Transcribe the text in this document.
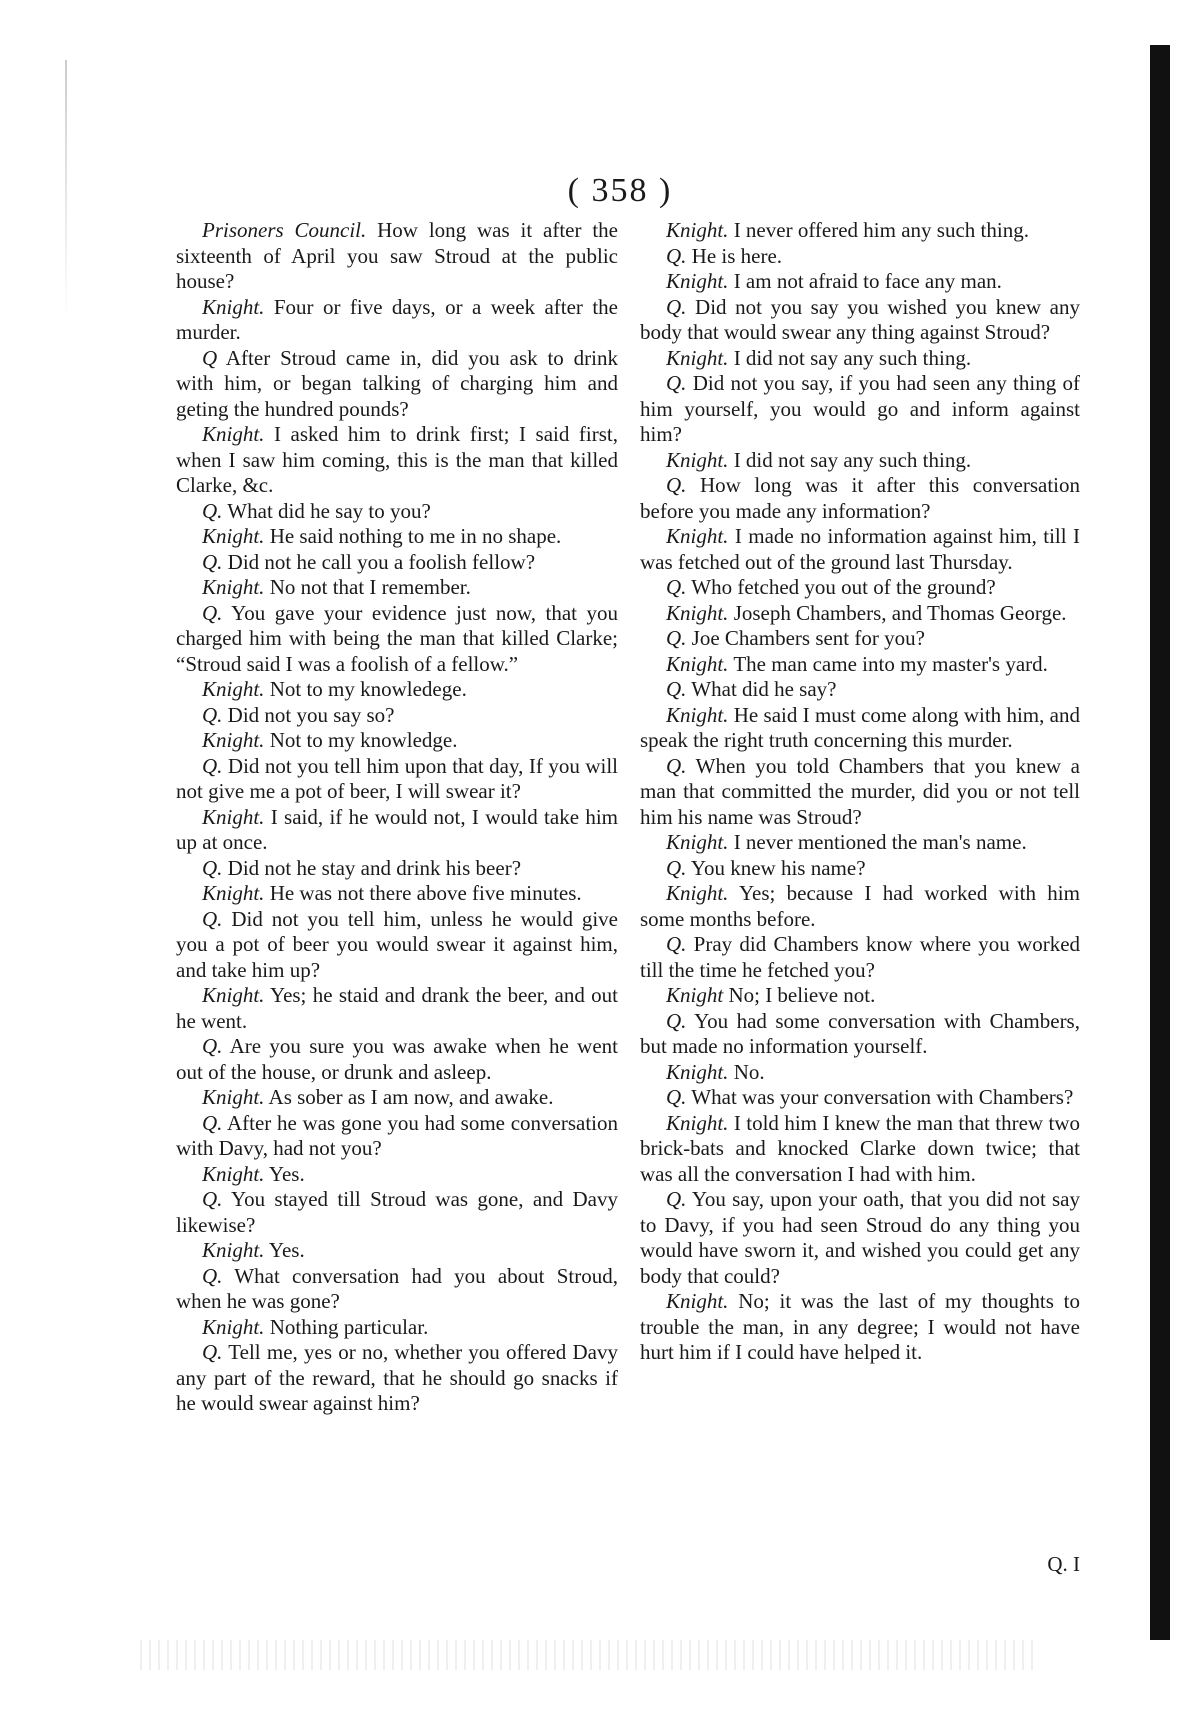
( 358 )

Prisoners Council. How long was it after the sixteenth of April you saw Stroud at the public house?

Knight. Four or five days, or a week after the murder.

Q After Stroud came in, did you ask to drink with him, or began talking of charging him and geting the hundred pounds?

Knight. I asked him to drink first; I said first, when I saw him coming, this is the man that killed Clarke, &c.

Q. What did he say to you?

Knight. He said nothing to me in no shape.

Q. Did not he call you a foolish fellow?

Knight. No not that I remember.

Q. You gave your evidence just now, that you charged him with being the man that killed Clarke; “Stroud said I was a foolish of a fellow.”

Knight. Not to my knowledege.

Q. Did not you say so?

Knight. Not to my knowledge.

Q. Did not you tell him upon that day, If you will not give me a pot of beer, I will swear it?

Knight. I said, if he would not, I would take him up at once.

Q. Did not he stay and drink his beer?

Knight. He was not there above five minutes.

Q. Did not you tell him, unless he would give you a pot of beer you would swear it against him, and take him up?

Knight. Yes; he staid and drank the beer, and out he went.

Q. Are you sure you was awake when he went out of the house, or drunk and asleep.

Knight. As sober as I am now, and awake.

Q. After he was gone you had some conversation with Davy, had not you?

Knight. Yes.

Q. You stayed till Stroud was gone, and Davy likewise?

Knight. Yes.

Q. What conversation had you about Stroud, when he was gone?

Knight. Nothing particular.

Q. Tell me, yes or no, whether you offered Davy any part of the reward, that he should go snacks if he would swear against him?

Knight. I never offered him any such thing.

Q. He is here.

Knight. I am not afraid to face any man.

Q. Did not you say you wished you knew any body that would swear any thing against Stroud?

Knight. I did not say any such thing.

Q. Did not you say, if you had seen any thing of him yourself, you would go and inform against him?

Knight. I did not say any such thing.

Q. How long was it after this conversation before you made any information?

Knight. I made no information against him, till I was fetched out of the ground last Thursday.

Q. Who fetched you out of the ground?

Knight. Joseph Chambers, and Thomas George.

Q. Joe Chambers sent for you?

Knight. The man came into my master's yard.

Q. What did he say?

Knight. He said I must come along with him, and speak the right truth concerning this murder.

Q. When you told Chambers that you knew a man that committed the murder, did you or not tell him his name was Stroud?

Knight. I never mentioned the man's name.

Q. You knew his name?

Knight. Yes; because I had worked with him some months before.

Q. Pray did Chambers know where you worked till the time he fetched you?

Knight No; I believe not.

Q. You had some conversation with Chambers, but made no information yourself.

Knight. No.

Q. What was your conversation with Chambers?

Knight. I told him I knew the man that threw two brick-bats and knocked Clarke down twice; that was all the conversation I had with him.

Q. You say, upon your oath, that you did not say to Davy, if you had seen Stroud do any thing you would have sworn it, and wished you could get any body that could?

Knight. No; it was the last of my thoughts to trouble the man, in any degree; I would not have hurt him if I could have helped it.

Q. I
